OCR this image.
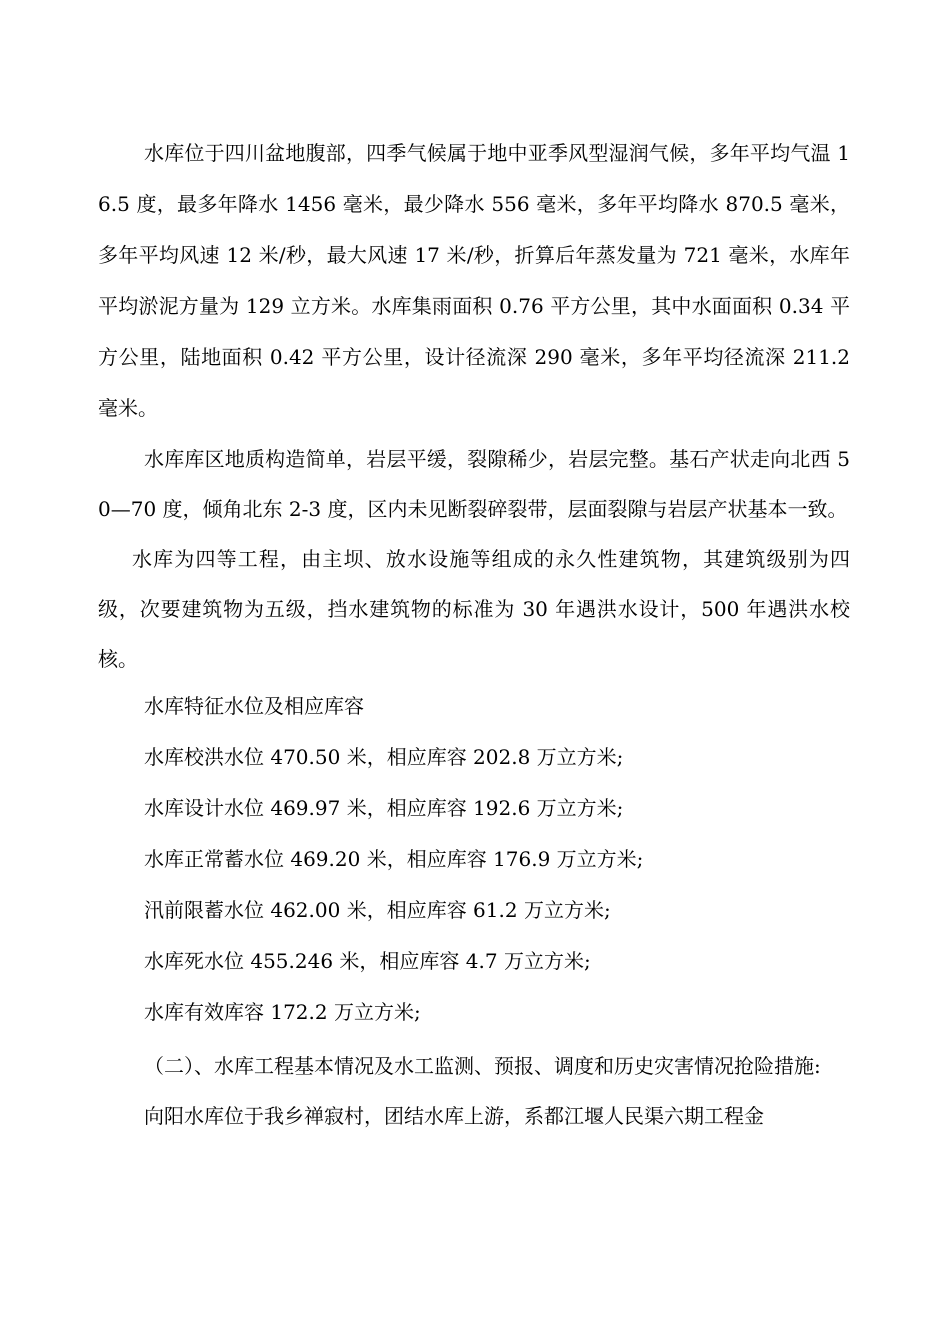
水库位于四川盆地腹部，四季气候属于地中亚季风型湿润气候，多年平均气温 16.5 度，最多年降水 1456 毫米，最少降水 556 毫米，多年平均降水 870.5 毫米，多年平均风速 12 米/秒，最大风速 17 米/秒，折算后年蒸发量为 721 毫米，水库年平均淤泥方量为 129 立方米。水库集雨面积 0.76 平方公里，其中水面面积 0.34 平方公里，陆地面积 0.42 平方公里，设计径流深 290 毫米，多年平均径流深 211.2 毫米。

水库库区地质构造简单，岩层平缓，裂隙稀少，岩层完整。基石产状走向北西 50—70 度，倾角北东 2-3 度，区内未见断裂碎裂带，层面裂隙与岩层产状基本一致。

水库为四等工程，由主坝、放水设施等组成的永久性建筑物，其建筑级别为四级，次要建筑物为五级，挡水建筑物的标准为 30 年遇洪水设计，500 年遇洪水校核。

水库特征水位及相应库容

水库校洪水位 470.50 米，相应库容 202.8 万立方米;

水库设计水位 469.97 米，相应库容 192.6 万立方米;

水库正常蓄水位 469.20 米，相应库容 176.9 万立方米;

汛前限蓄水位 462.00 米，相应库容 61.2 万立方米;

水库死水位 455.246 米，相应库容 4.7 万立方米;

水库有效库容 172.2 万立方米;

（二）、水库工程基本情况及水工监测、预报、调度和历史灾害情况抢险措施:

向阳水库位于我乡禅寂村，团结水库上游，系都江堰人民渠六期工程金
